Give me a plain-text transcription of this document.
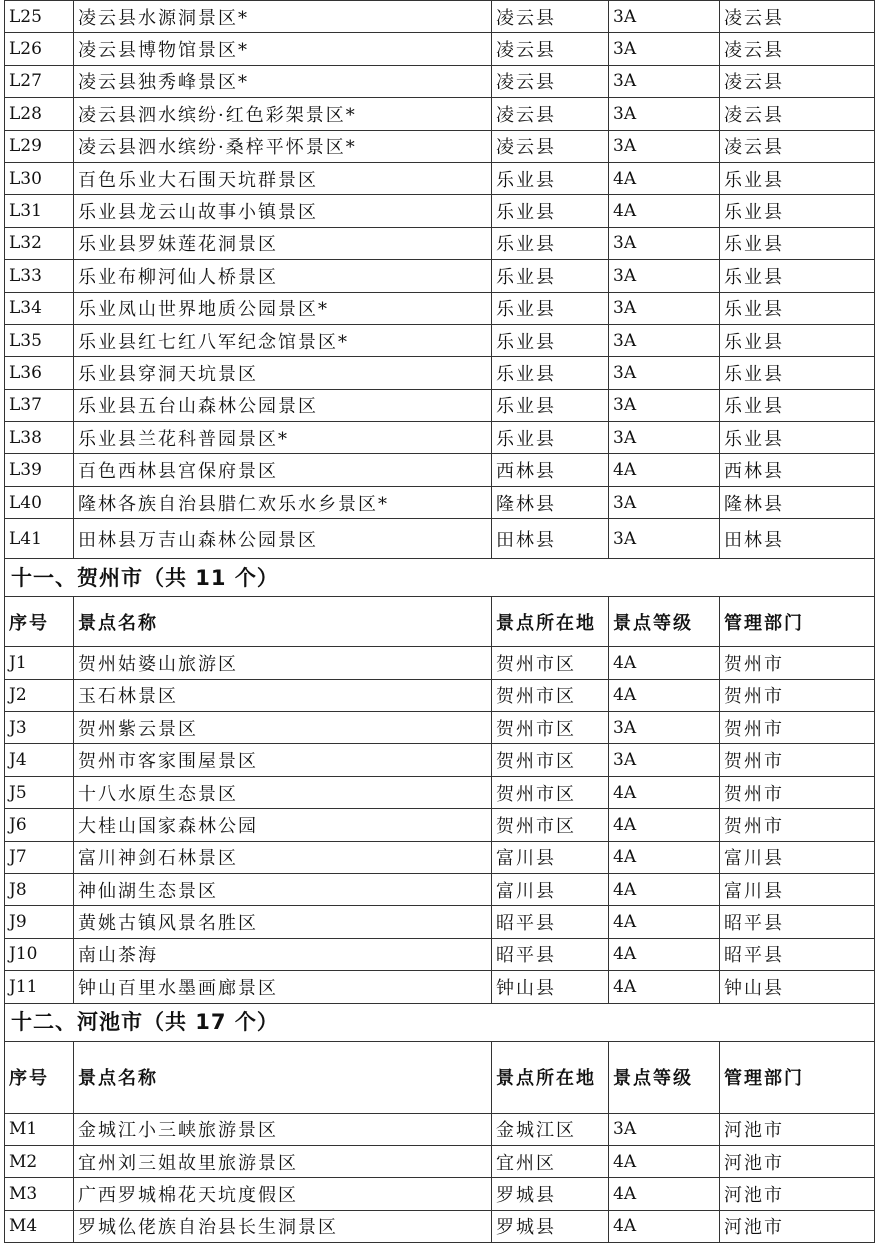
L25	凌云县水源洞景区*	凌云县	3A	凌云县
L26	凌云县博物馆景区*	凌云县	3A	凌云县
L27	凌云县独秀峰景区*	凌云县	3A	凌云县
L28	凌云县泗水缤纷·红色彩架景区*	凌云县	3A	凌云县
L29	凌云县泗水缤纷·桑梓平怀景区*	凌云县	3A	凌云县
L30	百色乐业大石围天坑群景区	乐业县	4A	乐业县
L31	乐业县龙云山故事小镇景区	乐业县	4A	乐业县
L32	乐业县罗妹莲花洞景区	乐业县	3A	乐业县
L33	乐业布柳河仙人桥景区	乐业县	3A	乐业县
L34	乐业凤山世界地质公园景区*	乐业县	3A	乐业县
L35	乐业县红七红八军纪念馆景区*	乐业县	3A	乐业县
L36	乐业县穿洞天坑景区	乐业县	3A	乐业县
L37	乐业县五台山森林公园景区	乐业县	3A	乐业县
L38	乐业县兰花科普园景区*	乐业县	3A	乐业县
L39	百色西林县宫保府景区	西林县	4A	西林县
L40	隆林各族自治县腊仁欢乐水乡景区*	隆林县	3A	隆林县
L41	田林县万吉山森林公园景区	田林县	3A	田林县
十一、贺州市（共 11 个）				
序号	景点名称	景点所在地	景点等级	管理部门
J1	贺州姑婆山旅游区	贺州市区	4A	贺州市
J2	玉石林景区	贺州市区	4A	贺州市
J3	贺州紫云景区	贺州市区	3A	贺州市
J4	贺州市客家围屋景区	贺州市区	3A	贺州市
J5	十八水原生态景区	贺州市区	4A	贺州市
J6	大桂山国家森林公园	贺州市区	4A	贺州市
J7	富川神剑石林景区	富川县	4A	富川县
J8	神仙湖生态景区	富川县	4A	富川县
J9	黄姚古镇风景名胜区	昭平县	4A	昭平县
J10	南山茶海	昭平县	4A	昭平县
J11	钟山百里水墨画廊景区	钟山县	4A	钟山县
十二、河池市（共 17 个）				
序号	景点名称	景点所在地	景点等级	管理部门
M1	金城江小三峡旅游景区	金城江区	3A	河池市
M2	宜州刘三姐故里旅游景区	宜州区	4A	河池市
M3	广西罗城棉花天坑度假区	罗城县	4A	河池市
M4	罗城仫佬族自治县长生洞景区	罗城县	4A	河池市
